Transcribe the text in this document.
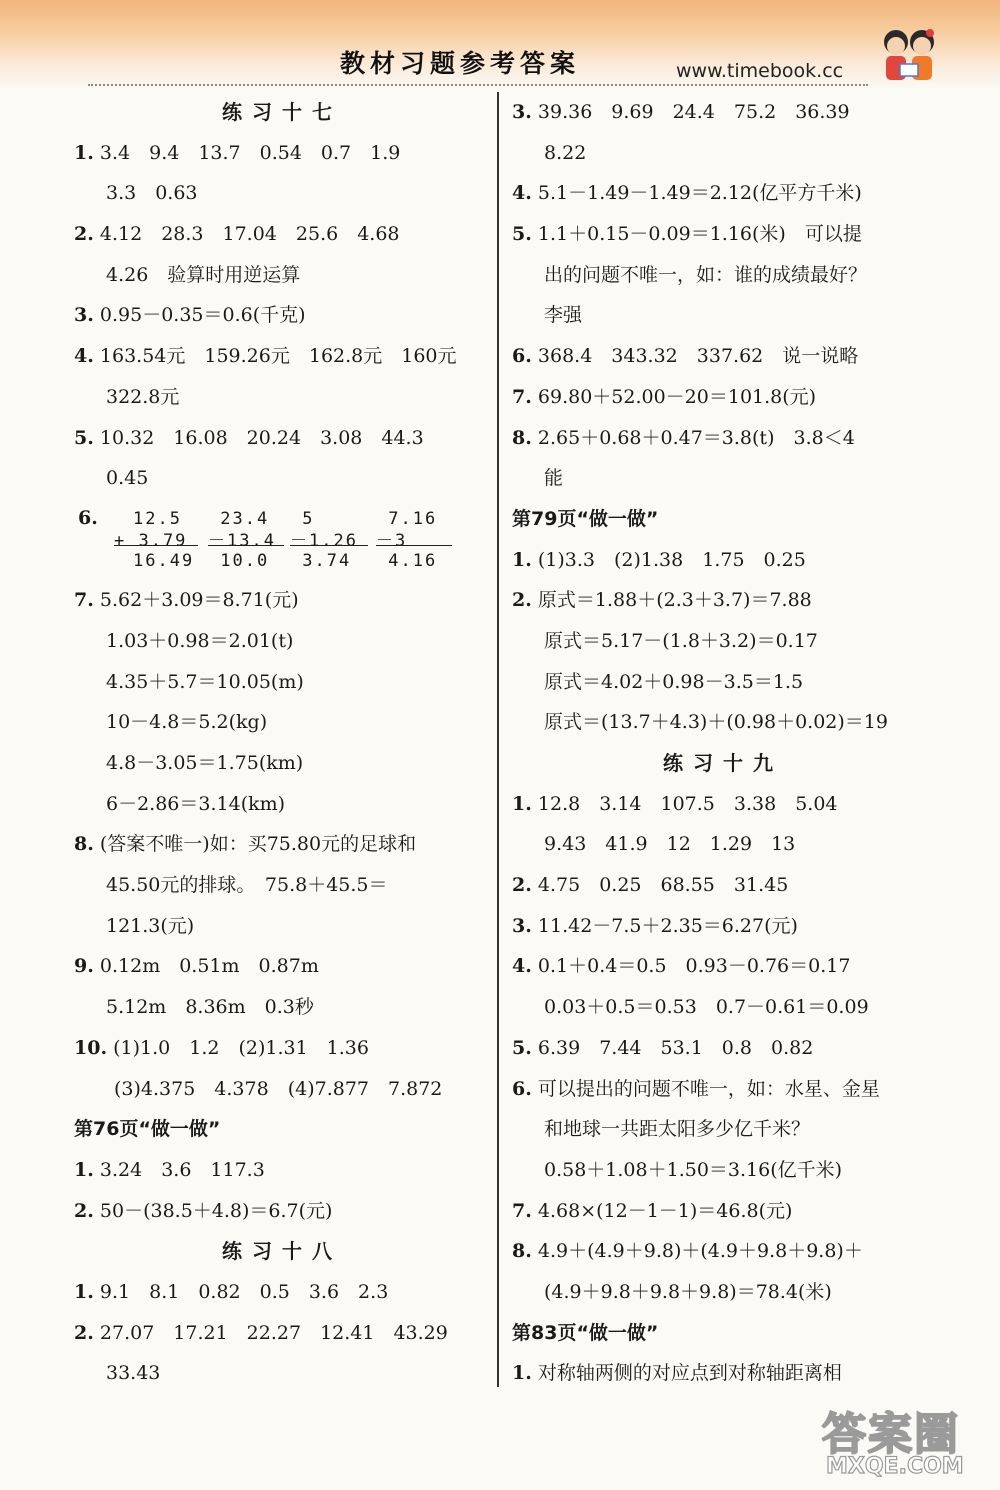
教材习题参考答案	www.timebook.cc
练习十七
1. 3.4　9.4　13.7　0.54　0.7　1.9
3.3　0.63
2. 4.12　28.3　17.04　25.6　4.68
4.26　验算时用逆运算
3. 0.95－0.35＝0.6(千克)
4. 163.54元　159.26元　162.8元　160元
322.8元
5. 10.32　16.08　20.24　3.08　44.3
0.45
6. 　12.5
+ 3.79
　16.49
23.4
－13.4
10.0
5
－1.26
3.74
7.16
－3
4.16
7. 5.62＋3.09＝8.71(元)
1.03＋0.98＝2.01(t)
4.35＋5.7＝10.05(m)
10－4.8＝5.2(kg)
4.8－3.05＝1.75(km)
6－2.86＝3.14(km)
8. (答案不唯一)如：买75.80元的足球和
45.50元的排球。　75.8＋45.5＝
121.3(元)
9. 0.12m　0.51m　0.87m
5.12m　8.36m　0.3秒
10. (1)1.0　1.2　(2)1.31　1.36
(3)4.375　4.378　(4)7.877　7.872
第76页“做一做”
1. 3.24　3.6　117.3
2. 50－(38.5＋4.8)＝6.7(元)
练习十八
1. 9.1　8.1　0.82　0.5　3.6　2.3
2. 27.07　17.21　22.27　12.41　43.29
33.43
3. 39.36　9.69　24.4　75.2　36.39
8.22
4. 5.1－1.49－1.49＝2.12(亿平方千米)
5. 1.1＋0.15－0.09＝1.16(米)　可以提
出的问题不唯一，如：谁的成绩最好？
李强
6. 368.4　343.32　337.62　说一说略
7. 69.80＋52.00－20＝101.8(元)
8. 2.65＋0.68＋0.47＝3.8(t)　3.8＜4
能
第79页“做一做”
1. (1)3.3　(2)1.38　1.75　0.25
2. 原式＝1.88＋(2.3＋3.7)＝7.88
原式＝5.17－(1.8＋3.2)＝0.17
原式＝4.02＋0.98－3.5＝1.5
原式＝(13.7＋4.3)＋(0.98＋0.02)＝19
练习十九
1. 12.8　3.14　107.5　3.38　5.04
9.43　41.9　12　1.29　13
2. 4.75　0.25　68.55　31.45
3. 11.42－7.5＋2.35＝6.27(元)
4. 0.1＋0.4＝0.5　0.93－0.76＝0.17
0.03＋0.5＝0.53　0.7－0.61＝0.09
5. 6.39　7.44　53.1　0.8　0.82
6. 可以提出的问题不唯一，如：水星、金星
和地球一共距太阳多少亿千米？
0.58＋1.08＋1.50＝3.16(亿千米)
7. 4.68×(12－1－1)＝46.8(元)
8. 4.9＋(4.9＋9.8)＋(4.9＋9.8＋9.8)＋
(4.9＋9.8＋9.8＋9.8)＝78.4(米)
第83页“做一做”
1. 对称轴两侧的对应点到对称轴距离相
答案圈
MXQE.COM
